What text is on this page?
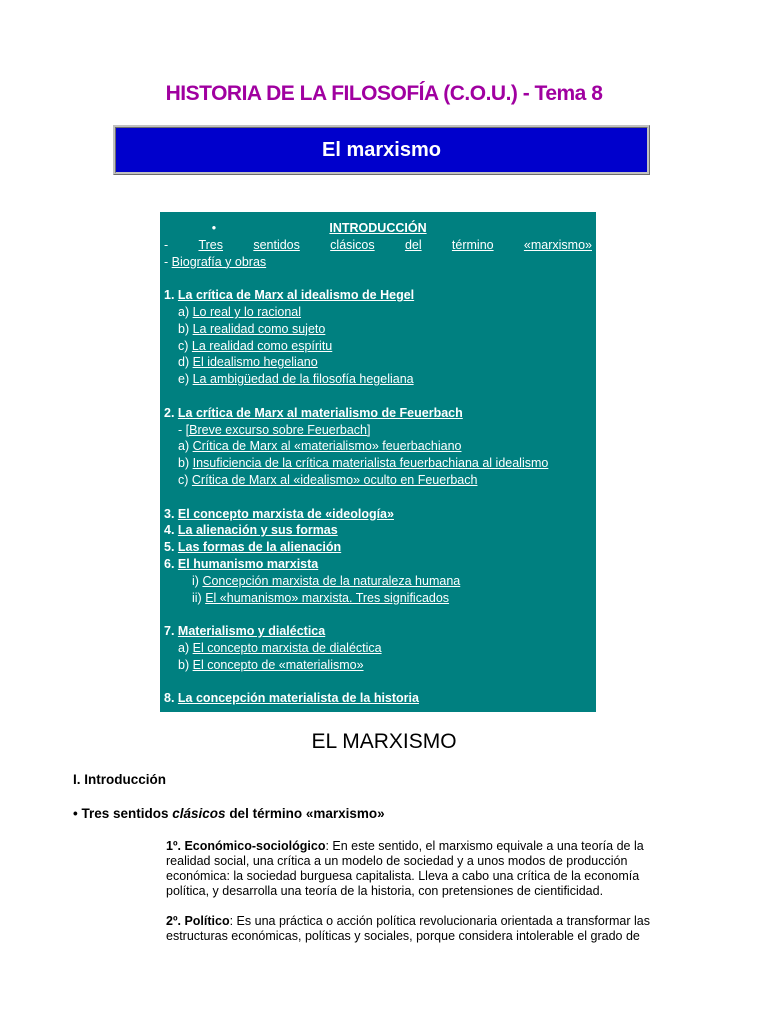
HISTORIA DE LA FILOSOFÍA (C.O.U.) - Tema 8
El marxismo
•	INTRODUCCIÓN
- Tres sentidos clásicos del término «marxismo»
- Biografía y obras
1. La crítica de Marx al idealismo de Hegel
a) Lo real y lo racional
b) La realidad como sujeto
c) La realidad como espíritu
d) El idealismo hegeliano
e) La ambigüedad de la filosofía hegeliana
2. La crítica de Marx al materialismo de Feuerbach
- [Breve excurso sobre Feuerbach]
a) Crítica de Marx al «materialismo» feuerbachiano
b) Insuficiencia de la crítica materialista feuerbachiana al idealismo
c) Crítica de Marx al «idealismo» oculto en Feuerbach
3. El concepto marxista de «ideología»
4. La alienación y sus formas
5. Las formas de la alienación
6. El humanismo marxista
i) Concepción marxista de la naturaleza humana
ii) El «humanismo» marxista. Tres significados
7. Materialismo y dialéctica
a) El concepto marxista de dialéctica
b) El concepto de «materialismo»
8. La concepción materialista de la historia
EL MARXISMO
I. Introducción
• Tres sentidos clásicos del término «marxismo»
1º. Económico-sociológico: En este sentido, el marxismo equivale a una teoría de la realidad social, una crítica a un modelo de sociedad y a unos modos de producción económica: la sociedad burguesa capitalista. Lleva a cabo una crítica de la economía política, y desarrolla una teoría de la historia, con pretensiones de cientificidad.
2º. Político: Es una práctica o acción política revolucionaria orientada a transformar las estructuras económicas, políticas y sociales, porque considera intolerable el grado de
